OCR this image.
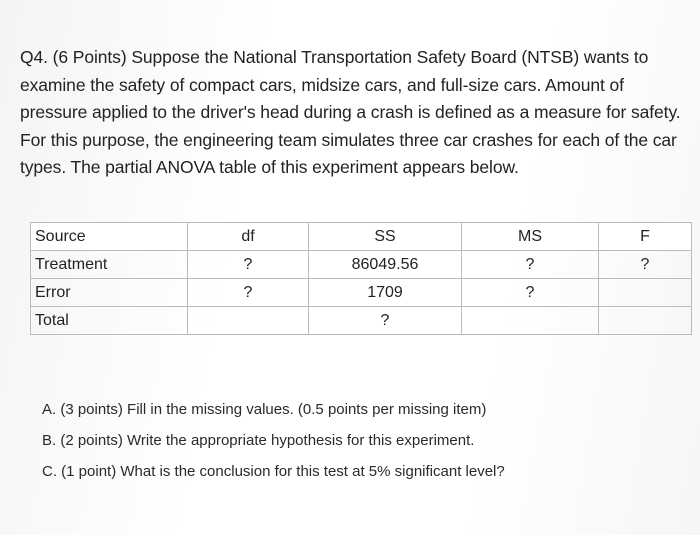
Q4. (6 Points) Suppose the National Transportation Safety Board (NTSB) wants to

examine the safety of compact cars, midsize cars, and full-size cars. Amount of

pressure applied to the driver's head during a crash is defined as a measure for safety.

For this purpose, the engineering team simulates three car crashes for each of the car

types. The partial ANOVA table of this experiment appears below.

Source	df	SS	MS	F
Treatment	?	86049.56	?	?
Error	?	1709	?	
Total		?		
A. (3 points) Fill in the missing values. (0.5 points per missing item)
B. (2 points) Write the appropriate hypothesis for this experiment.
C. (1 point) What is the conclusion for this test at 5% significant level?
